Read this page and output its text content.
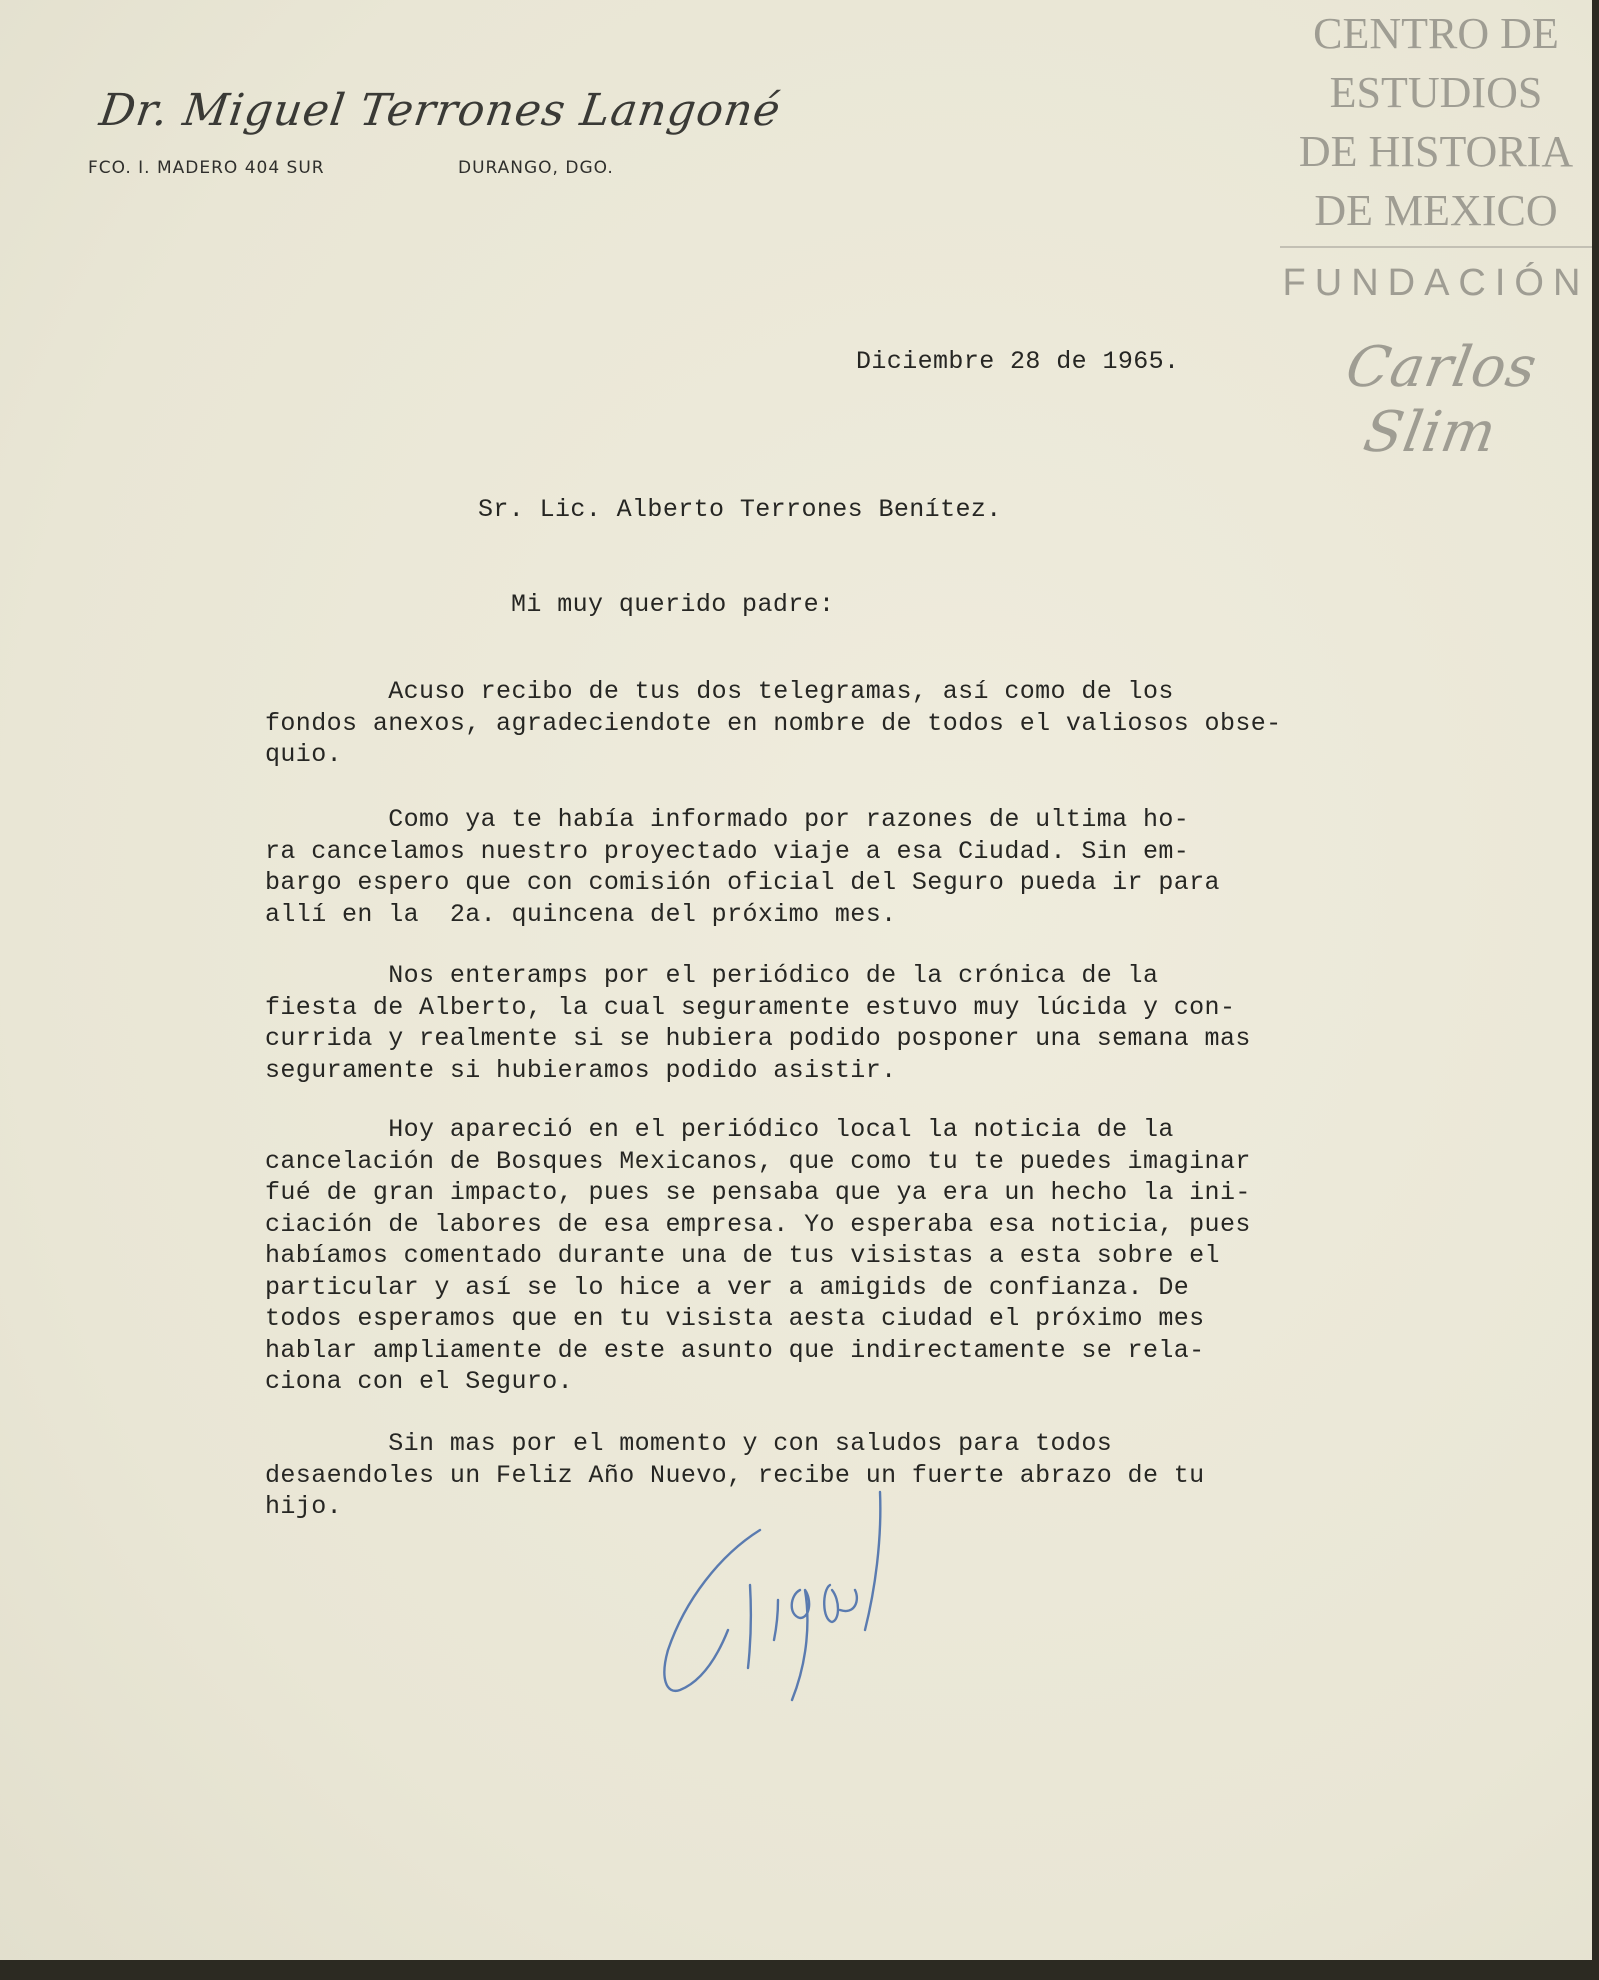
Dr. Miguel Terrones Langoné
FCO. I. MADERO 404 SUR	DURANGO, DGO.
CENTRO DE
ESTUDIOS
DE HISTORIA
DE MEXICO
FUNDACIÓN
Carlos Slim
Diciembre 28 de 1965.
Sr. Lic. Alberto Terrones Benítez.
Mi muy querido padre:
Acuso recibo de tus dos telegramas, así como de los
fondos anexos, agradeciendote en nombre de todos el valiosos obse-
quio.
Como ya te había informado por razones de ultima ho-
ra cancelamos nuestro proyectado viaje a esa Ciudad. Sin em-
bargo espero que con comisión oficial del Seguro pueda ir para
allí en la  2a. quincena del próximo mes.
Nos enteramps por el periódico de la crónica de la
fiesta de Alberto, la cual seguramente estuvo muy lúcida y con-
currida y realmente si se hubiera podido posponer una semana mas
seguramente si hubieramos podido asistir.
Hoy apareció en el periódico local la noticia de la
cancelación de Bosques Mexicanos, que como tu te puedes imaginar
fué de gran impacto, pues se pensaba que ya era un hecho la ini-
ciación de labores de esa empresa. Yo esperaba esa noticia, pues
habíamos comentado durante una de tus visistas a esta sobre el
particular y así se lo hice a ver a amigids de confianza. De
todos esperamos que en tu visista aesta ciudad el próximo mes
hablar ampliamente de este asunto que indirectamente se rela-
ciona con el Seguro.
Sin mas por el momento y con saludos para todos
desaendoles un Feliz Año Nuevo, recibe un fuerte abrazo de tu
hijo.
